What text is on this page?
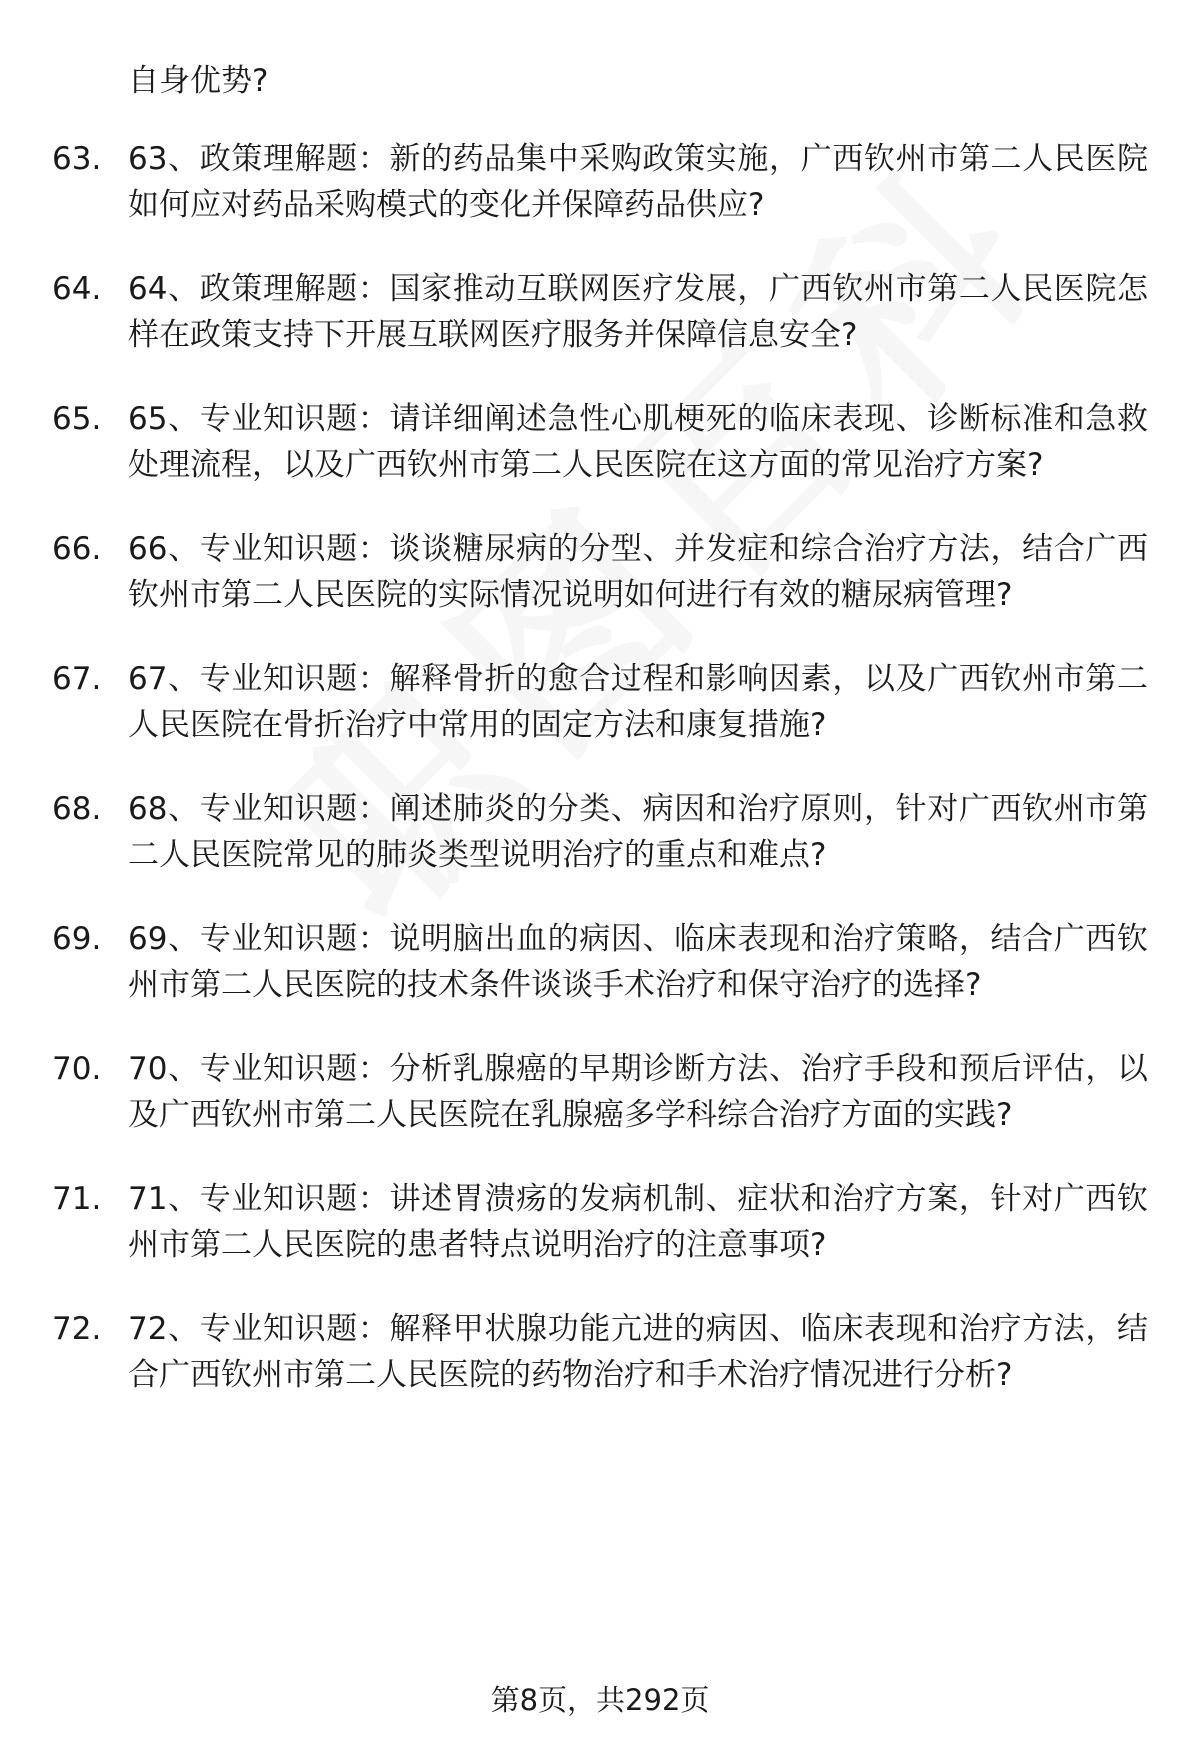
自身优势?

63. 63、政策理解题：新的药品集中采购政策实施，广西钦州市第二人民医院如何应对药品采购模式的变化并保障药品供应?
64. 64、政策理解题：国家推动互联网医疗发展，广西钦州市第二人民医院怎样在政策支持下开展互联网医疗服务并保障信息安全?
65. 65、专业知识题：请详细阐述急性心肌梗死的临床表现、诊断标准和急救处理流程，以及广西钦州市第二人民医院在这方面的常见治疗方案?
66. 66、专业知识题：谈谈糖尿病的分型、并发症和综合治疗方法，结合广西钦州市第二人民医院的实际情况说明如何进行有效的糖尿病管理?
67. 67、专业知识题：解释骨折的愈合过程和影响因素，以及广西钦州市第二人民医院在骨折治疗中常用的固定方法和康复措施?
68. 68、专业知识题：阐述肺炎的分类、病因和治疗原则，针对广西钦州市第二人民医院常见的肺炎类型说明治疗的重点和难点?
69. 69、专业知识题：说明脑出血的病因、临床表现和治疗策略，结合广西钦州市第二人民医院的技术条件谈谈手术治疗和保守治疗的选择?
70. 70、专业知识题：分析乳腺癌的早期诊断方法、治疗手段和预后评估，以及广西钦州市第二人民医院在乳腺癌多学科综合治疗方面的实践?
71. 71、专业知识题：讲述胃溃疡的发病机制、症状和治疗方案，针对广西钦州市第二人民医院的患者特点说明治疗的注意事项?
72. 72、专业知识题：解释甲状腺功能亢进的病因、临床表现和治疗方法，结合广西钦州市第二人民医院的药物治疗和手术治疗情况进行分析?
第8页，共292页
